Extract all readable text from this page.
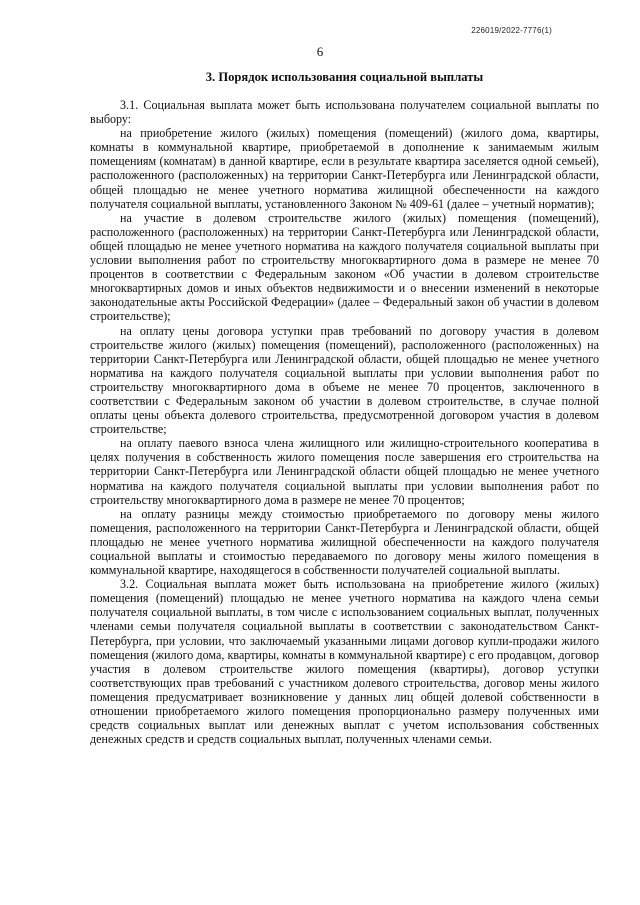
226019/2022-7776(1)
6
3. Порядок использования социальной выплаты

3.1. Социальная выплата может быть использована получателем социальной выплаты по выбору:

на приобретение жилого (жилых) помещения (помещений) (жилого дома, квартиры, комнаты в коммунальной квартире, приобретаемой в дополнение к занимаемым жилым помещениям (комнатам) в данной квартире, если в результате квартира заселяется одной семьей), расположенного (расположенных) на территории Санкт-Петербурга или Ленинградской области, общей площадью не менее учетного норматива жилищной обеспеченности на каждого получателя социальной выплаты, установленного Законом № 409-61 (далее – учетный норматив);

на участие в долевом строительстве жилого (жилых) помещения (помещений), расположенного (расположенных) на территории Санкт-Петербурга или Ленинградской области, общей площадью не менее учетного норматива на каждого получателя социальной выплаты при условии выполнения работ по строительству многоквартирного дома в размере не менее 70 процентов в соответствии с Федеральным законом «Об участии в долевом строительстве многоквартирных домов и иных объектов недвижимости и о внесении изменений в некоторые законодательные акты Российской Федерации» (далее – Федеральный закон об участии в долевом строительстве);

на оплату цены договора уступки прав требований по договору участия в долевом строительстве жилого (жилых) помещения (помещений), расположенного (расположенных) на территории Санкт-Петербурга или Ленинградской области, общей площадью не менее учетного норматива на каждого получателя социальной выплаты при условии выполнения работ по строительству многоквартирного дома в объеме не менее 70 процентов, заключенного в соответствии с Федеральным законом об участии в долевом строительстве, в случае полной оплаты цены объекта долевого строительства, предусмотренной договором участия в долевом строительстве;

на оплату паевого взноса члена жилищного или жилищно-строительного кооператива в целях получения в собственность жилого помещения после завершения его строительства на территории Санкт-Петербурга или Ленинградской области общей площадью не менее учетного норматива на каждого получателя социальной выплаты при условии выполнения работ по строительству многоквартирного дома в размере не менее 70 процентов;

на оплату разницы между стоимостью приобретаемого по договору мены жилого помещения, расположенного на территории Санкт-Петербурга и Ленинградской области, общей площадью не менее учетного норматива жилищной обеспеченности на каждого получателя социальной выплаты и стоимостью передаваемого по договору мены жилого помещения в коммунальной квартире, находящегося в собственности получателей социальной выплаты.

3.2. Социальная выплата может быть использована на приобретение жилого (жилых) помещения (помещений) площадью не менее учетного норматива на каждого члена семьи получателя социальной выплаты, в том числе с использованием социальных выплат, полученных членами семьи получателя социальной выплаты в соответствии с законодательством Санкт-Петербурга, при условии, что заключаемый указанными лицами договор купли-продажи жилого помещения (жилого дома, квартиры, комнаты в коммунальной квартире) с его продавцом, договор участия в долевом строительстве жилого помещения (квартиры), договор уступки соответствующих прав требований с участником долевого строительства, договор мены жилого помещения предусматривает возникновение у данных лиц общей долевой собственности в отношении приобретаемого жилого помещения пропорционально размеру полученных ими средств социальных выплат или денежных выплат с учетом использования собственных денежных средств и средств социальных выплат, полученных членами семьи.
